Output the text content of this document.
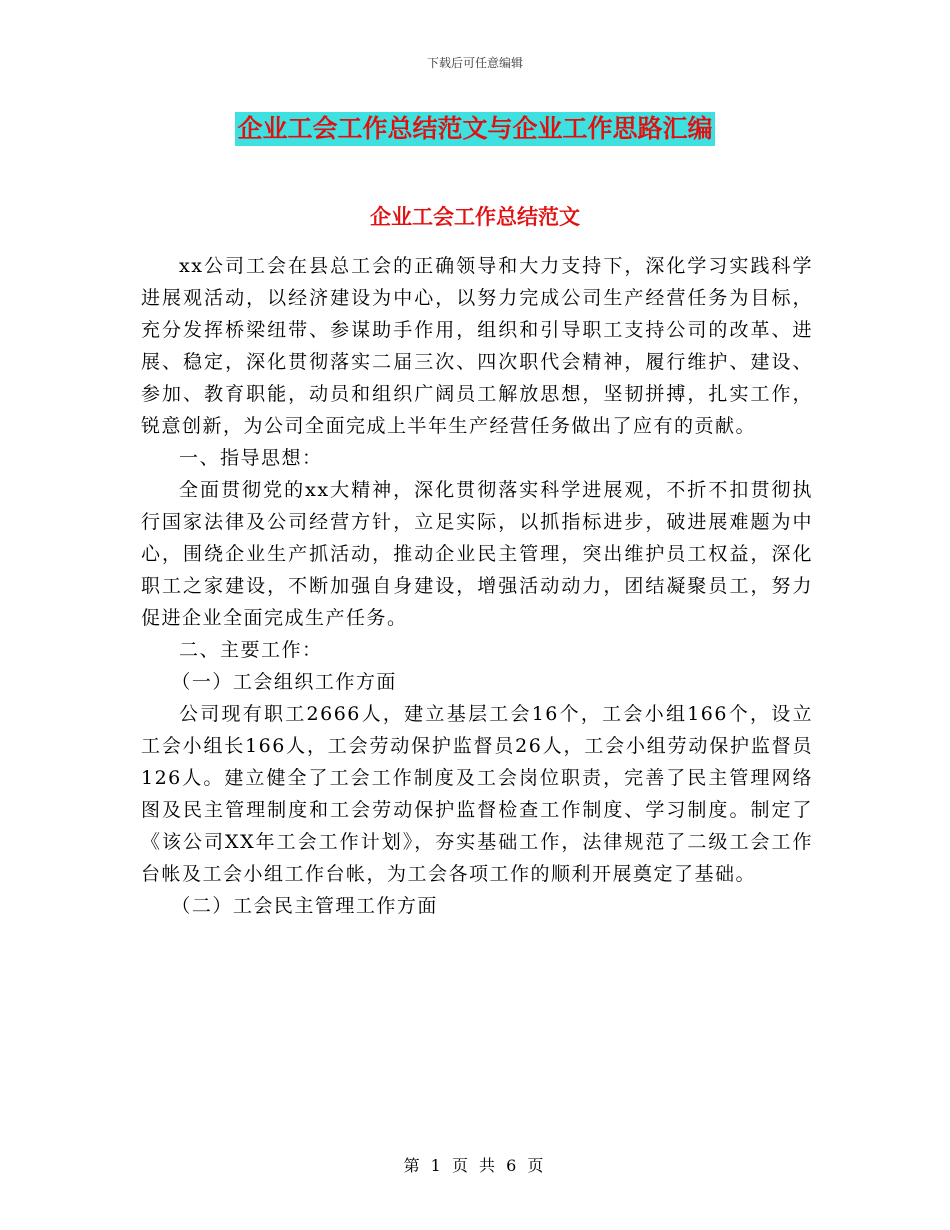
下载后可任意编辑
企业工会工作总结范文与企业工作思路汇编
企业工会工作总结范文

xx公司工会在县总工会的正确领导和大力支持下，深化学习实践科学进展观活动，以经济建设为中心，以努力完成公司生产经营任务为目标，充分发挥桥梁纽带、参谋助手作用，组织和引导职工支持公司的改革、进展、稳定，深化贯彻落实二届三次、四次职代会精神，履行维护、建设、参加、教育职能，动员和组织广阔员工解放思想，坚韧拼搏，扎实工作，锐意创新，为公司全面完成上半年生产经营任务做出了应有的贡献。

一、指导思想：

全面贯彻党的xx大精神，深化贯彻落实科学进展观，不折不扣贯彻执行国家法律及公司经营方针，立足实际，以抓指标进步，破进展难题为中心，围绕企业生产抓活动，推动企业民主管理，突出维护员工权益，深化职工之家建设，不断加强自身建设，增强活动动力，团结凝聚员工，努力促进企业全面完成生产任务。

二、主要工作：

（一）工会组织工作方面

公司现有职工2666人，建立基层工会16个，工会小组166个，设立工会小组长166人，工会劳动保护监督员26人，工会小组劳动保护监督员126人。建立健全了工会工作制度及工会岗位职责，完善了民主管理网络图及民主管理制度和工会劳动保护监督检查工作制度、学习制度。制定了《该公司XX年工会工作计划》，夯实基础工作，法律规范了二级工会工作台帐及工会小组工作台帐，为工会各项工作的顺利开展奠定了基础。

（二）工会民主管理工作方面

第 1 页 共 6 页
